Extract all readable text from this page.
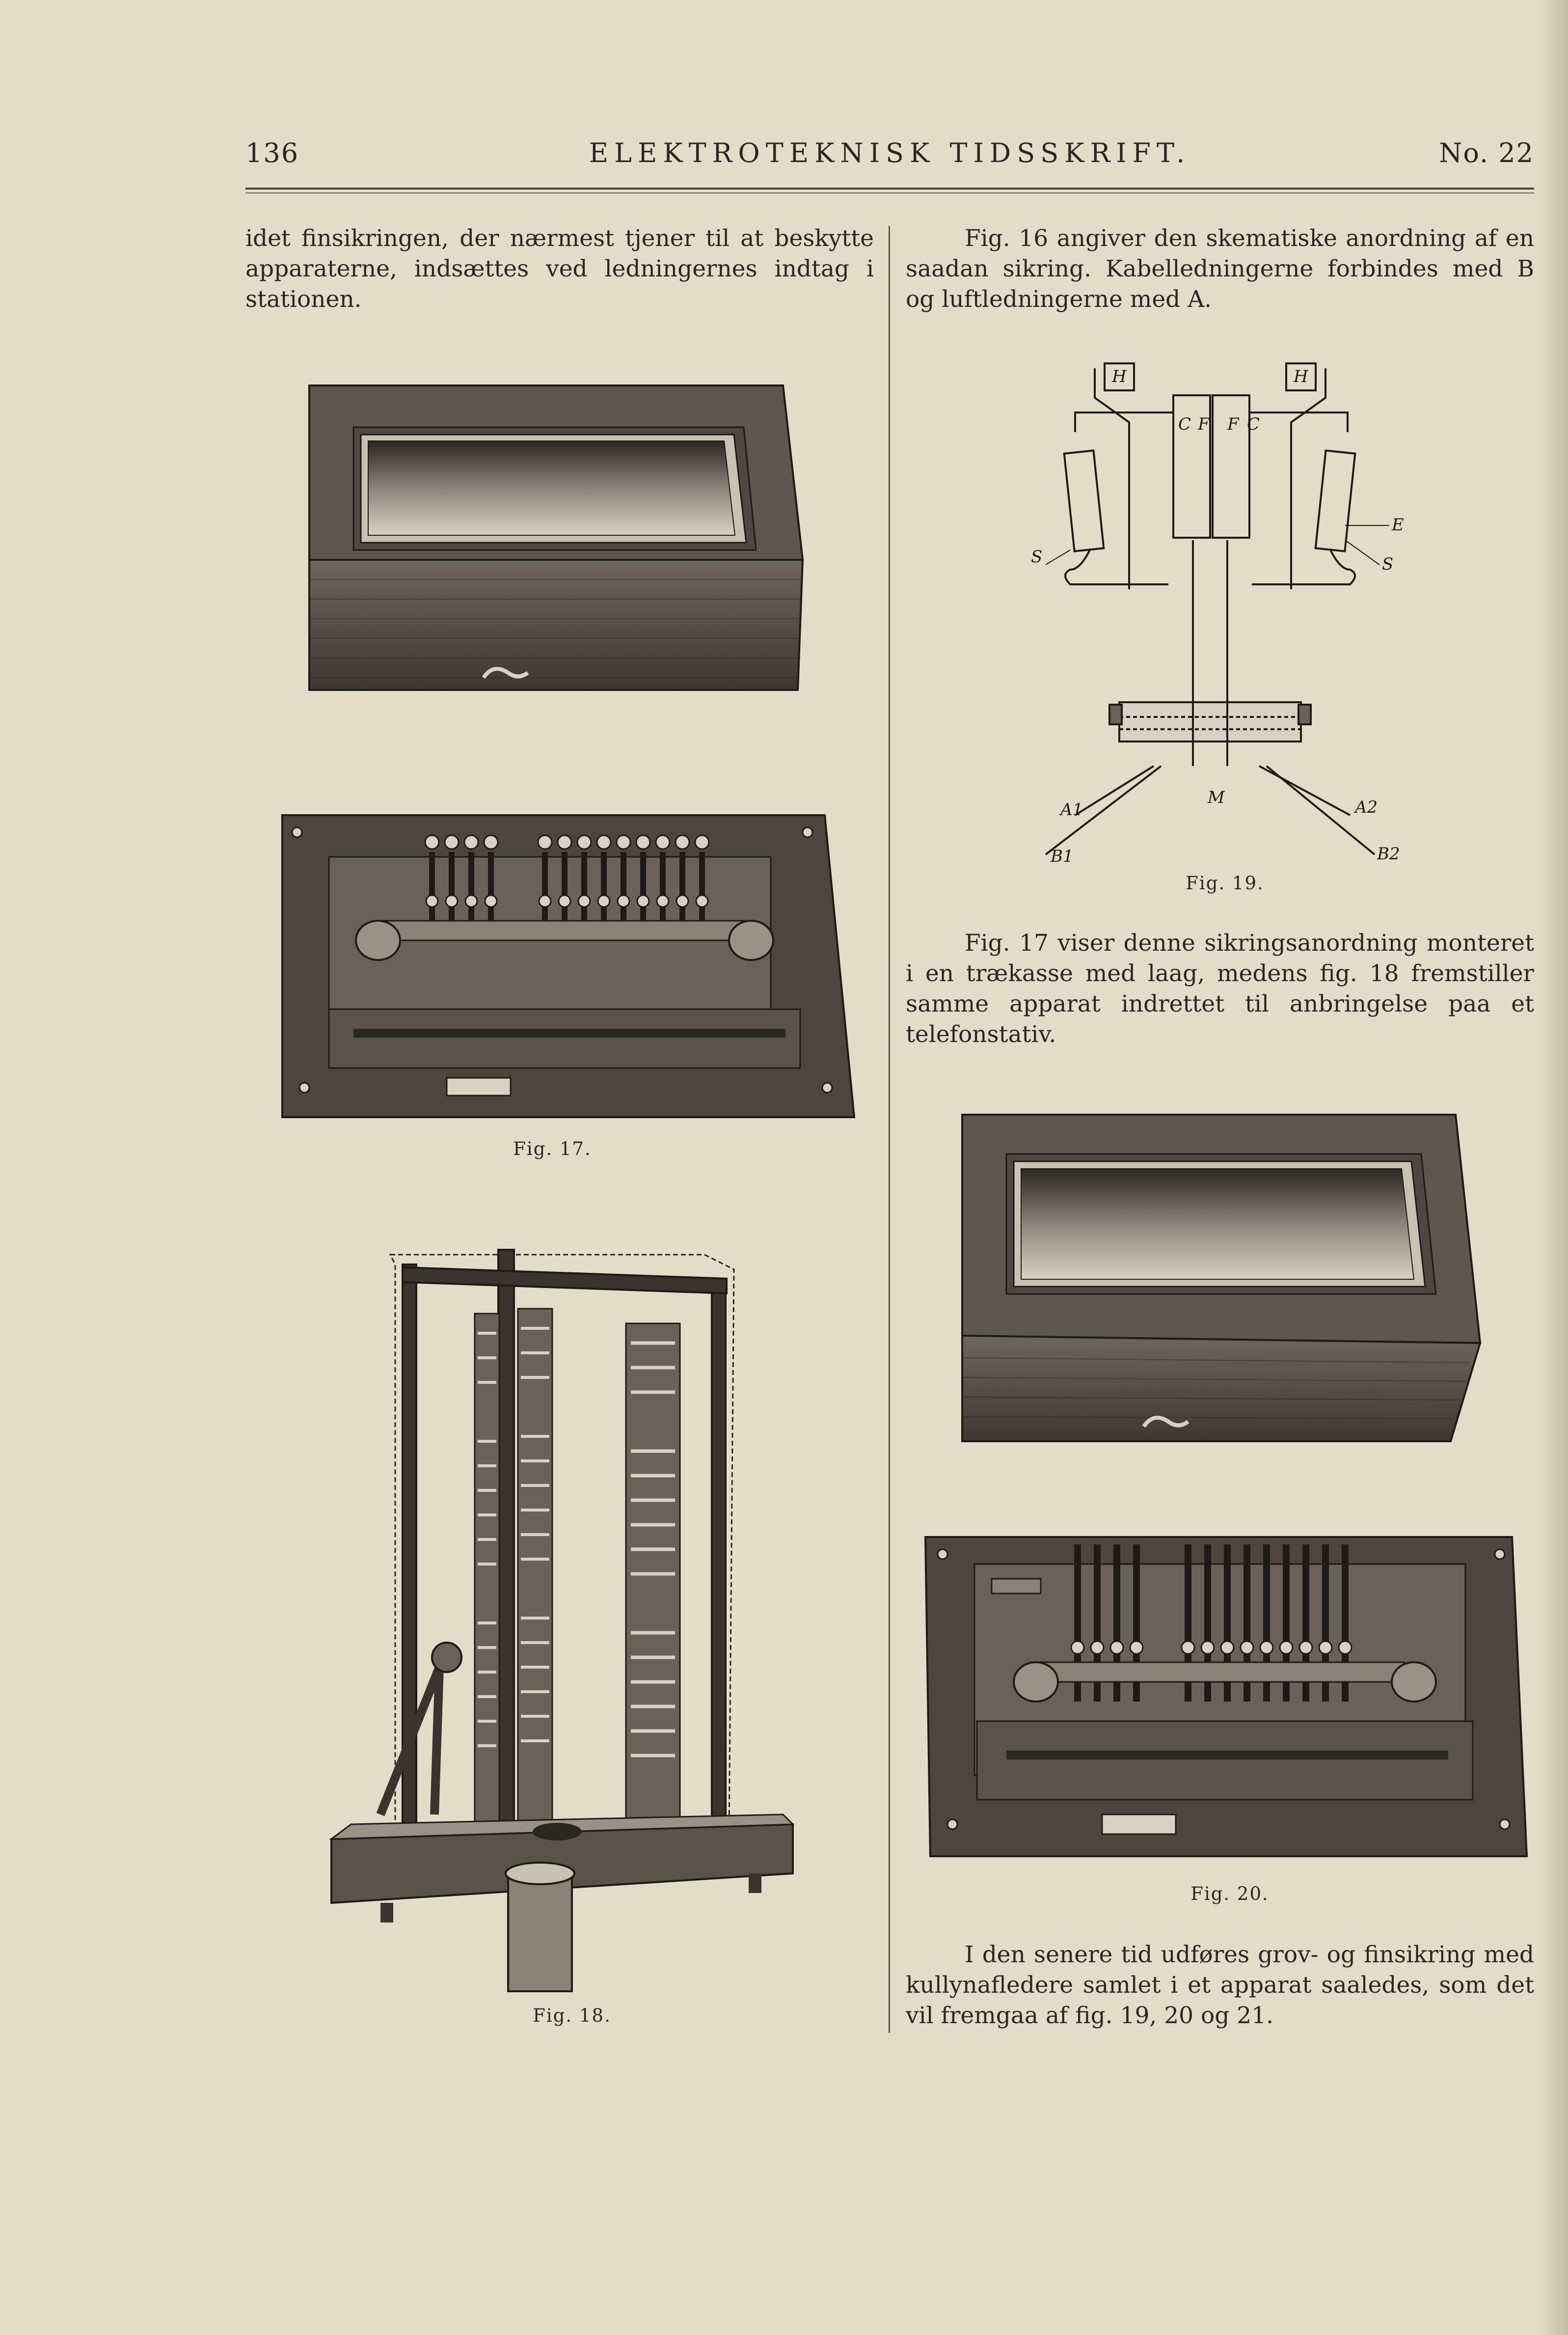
ELEKTROTEKNISK TIDSSKRIFT.
136	No. 22

idet finsikringen, der nærmest tjener til at beskytte apparaterne, indsættes ved ledningernes indtag i stationen.

Fig. 17.
Fig. 18.

Fig. 16 angiver den skematiske anordning af en saadan sikring. Kabelledningerne forbindes med B og luftledningerne med A.

H	H
C F F C
E
S
S
M
A1	A2
B1	B2
Fig. 19.

Fig. 17 viser denne sikringsanordning monteret i en trækasse med laag, medens fig. 18 fremstiller samme apparat indrettet til anbringelse paa et telefonstativ.

Fig. 20.

I den senere tid udføres grov- og finsikring med kullynafledere samlet i et apparat saaledes, som det vil fremgaa af fig. 19, 20 og 21.
